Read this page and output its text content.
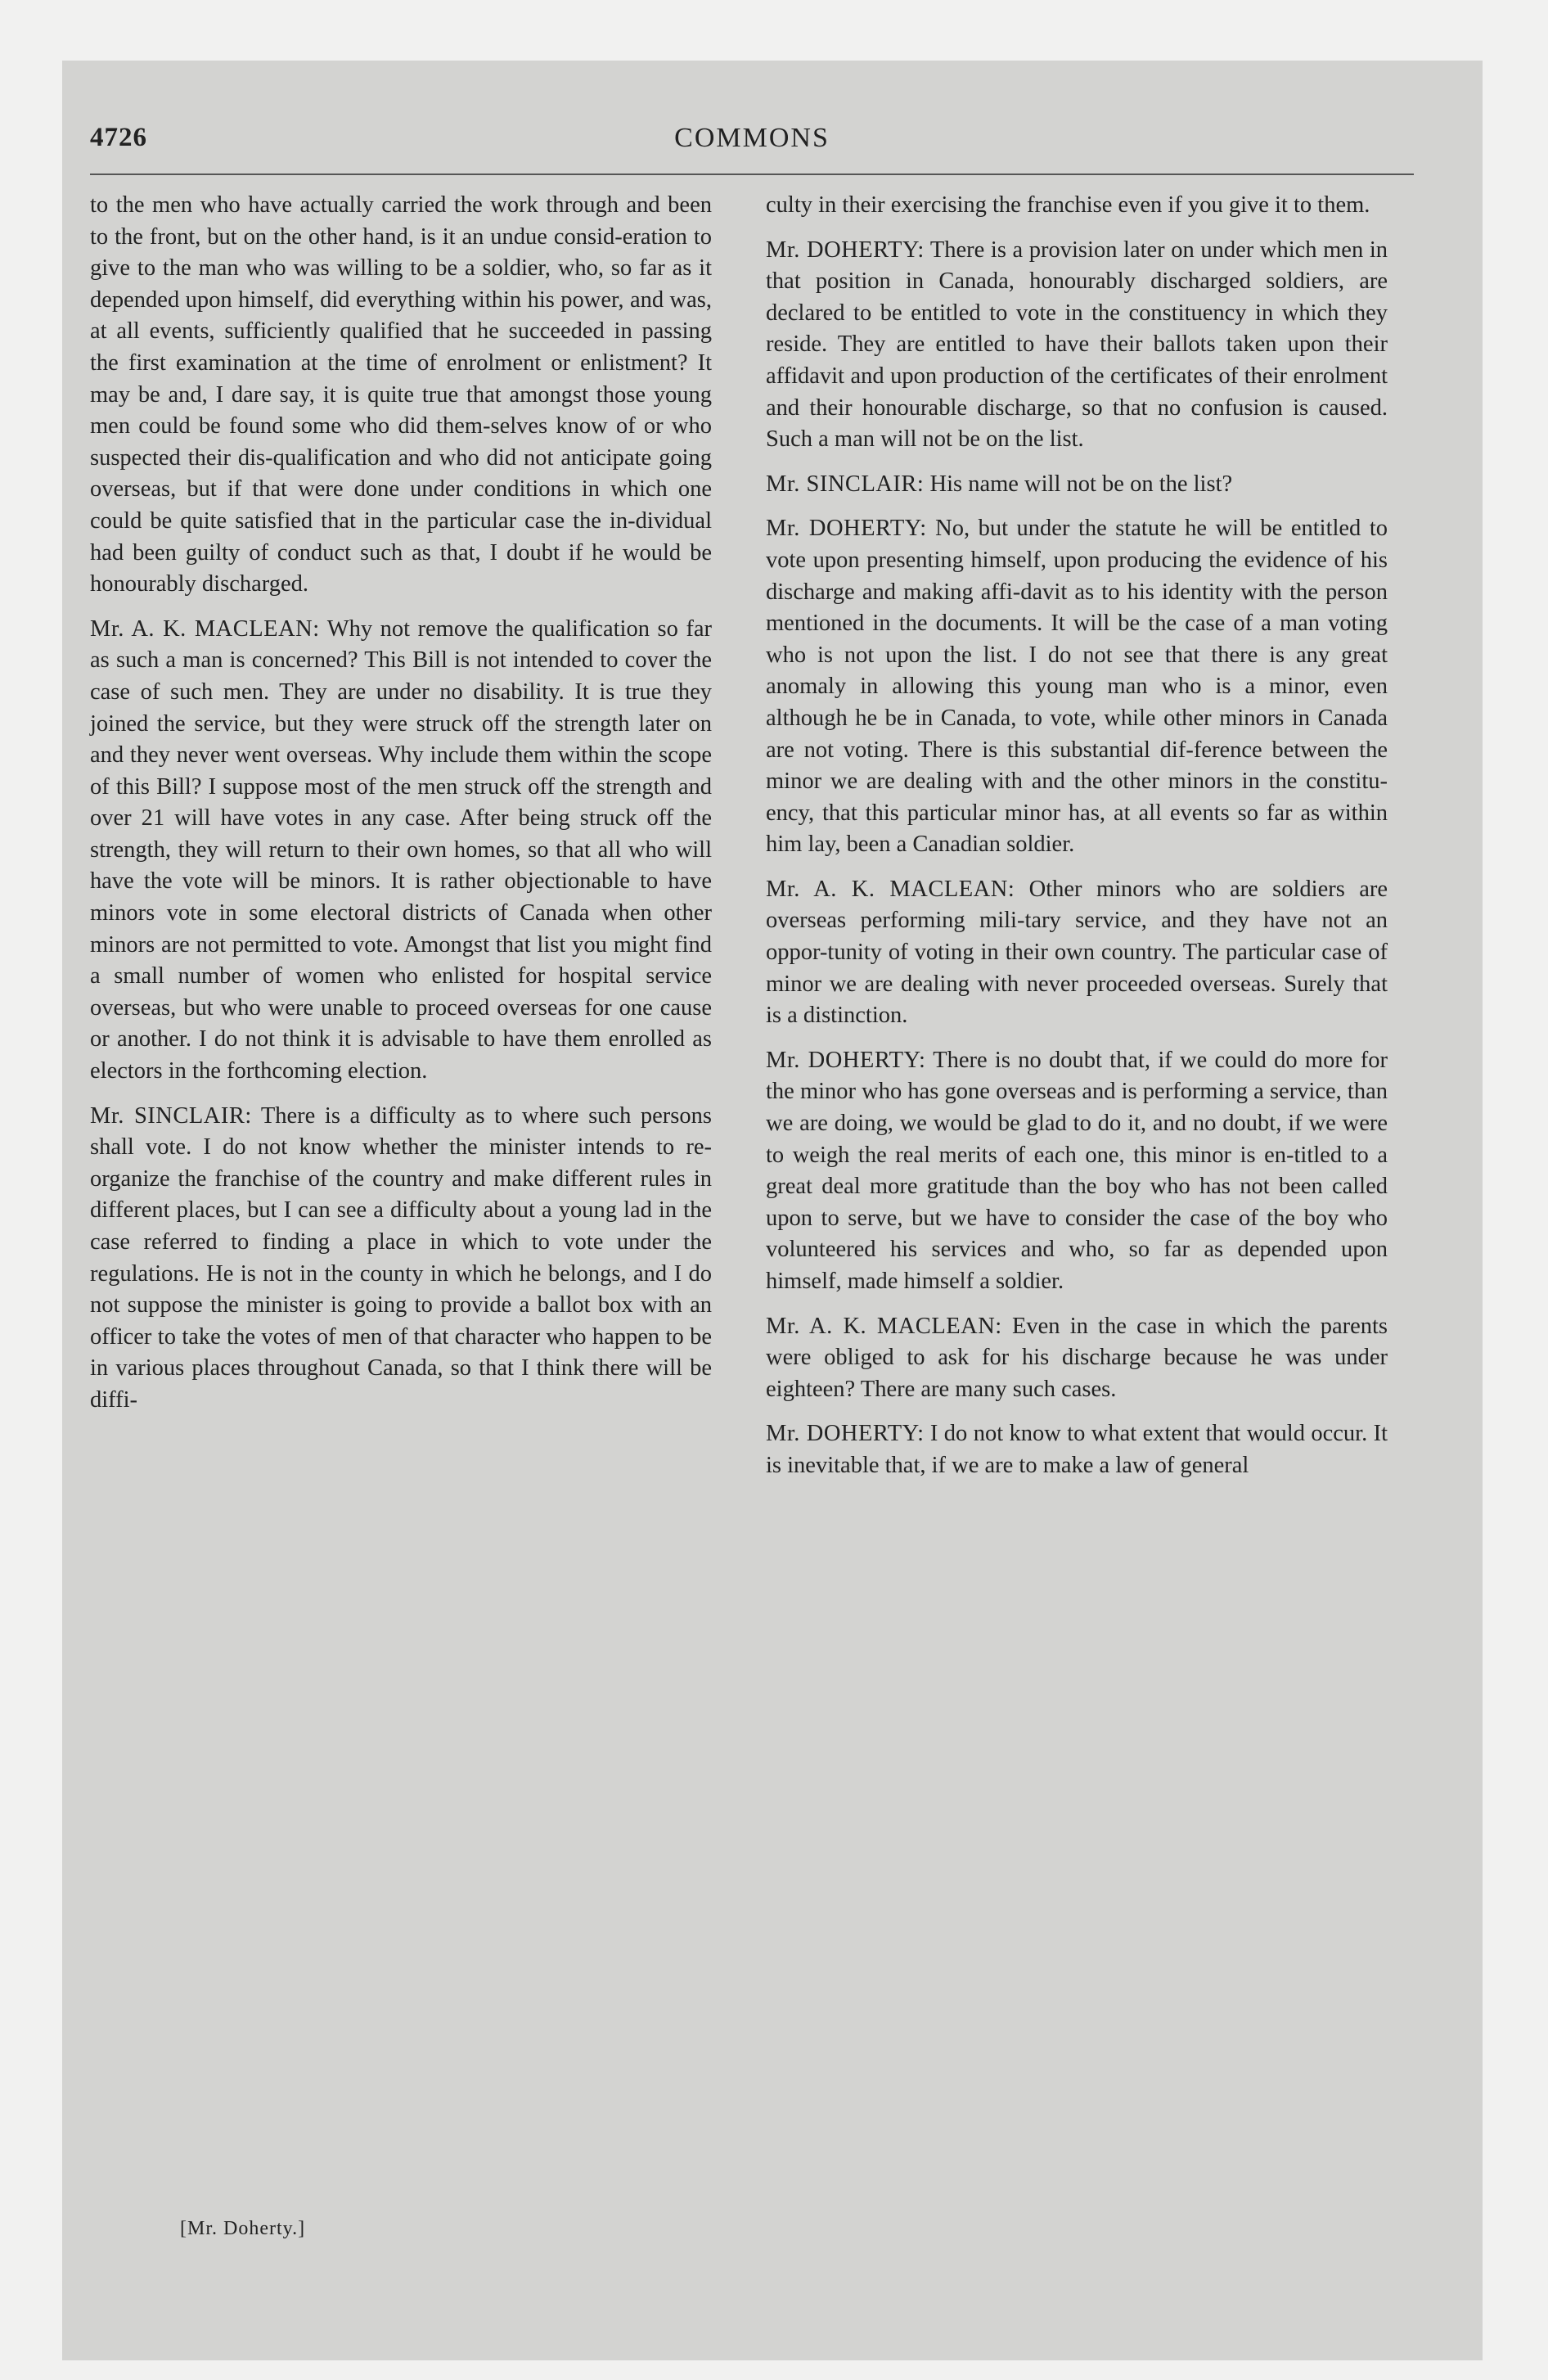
4726	COMMONS

to the men who have actually carried the work through and been to the front, but on the other hand, is it an undue consid-eration to give to the man who was willing to be a soldier, who, so far as it depended upon himself, did everything within his power, and was, at all events, sufficiently qualified that he succeeded in passing the first examination at the time of enrolment or enlistment? It may be and, I dare say, it is quite true that amongst those young men could be found some who did them-selves know of or who suspected their dis-qualification and who did not anticipate going overseas, but if that were done under conditions in which one could be quite satisfied that in the particular case the in-dividual had been guilty of conduct such as that, I doubt if he would be honourably discharged.

Mr. A. K. MACLEAN: Why not remove the qualification so far as such a man is concerned? This Bill is not intended to cover the case of such men. They are under no disability. It is true they joined the service, but they were struck off the strength later on and they never went overseas. Why include them within the scope of this Bill? I suppose most of the men struck off the strength and over 21 will have votes in any case. After being struck off the strength, they will return to their own homes, so that all who will have the vote will be minors. It is rather objectionable to have minors vote in some electoral districts of Canada when other minors are not permitted to vote. Amongst that list you might find a small number of women who enlisted for hospital service overseas, but who were unable to proceed overseas for one cause or another. I do not think it is advisable to have them enrolled as electors in the forthcoming election.

Mr. SINCLAIR: There is a difficulty as to where such persons shall vote. I do not know whether the minister intends to re-organize the franchise of the country and make different rules in different places, but I can see a difficulty about a young lad in the case referred to finding a place in which to vote under the regulations. He is not in the county in which he belongs, and I do not suppose the minister is going to provide a ballot box with an officer to take the votes of men of that character who happen to be in various places throughout Canada, so that I think there will be diffi-

culty in their exercising the franchise even if you give it to them.

Mr. DOHERTY: There is a provision later on under which men in that position in Canada, honourably discharged soldiers, are declared to be entitled to vote in the constituency in which they reside. They are entitled to have their ballots taken upon their affidavit and upon production of the certificates of their enrolment and their honourable discharge, so that no confusion is caused. Such a man will not be on the list.

Mr. SINCLAIR: His name will not be on the list?

Mr. DOHERTY: No, but under the statute he will be entitled to vote upon presenting himself, upon producing the evidence of his discharge and making affi-davit as to his identity with the person mentioned in the documents. It will be the case of a man voting who is not upon the list. I do not see that there is any great anomaly in allowing this young man who is a minor, even although he be in Canada, to vote, while other minors in Canada are not voting. There is this substantial dif-ference between the minor we are dealing with and the other minors in the constitu-ency, that this particular minor has, at all events so far as within him lay, been a Canadian soldier.

Mr. A. K. MACLEAN: Other minors who are soldiers are overseas performing mili-tary service, and they have not an oppor-tunity of voting in their own country. The particular case of minor we are dealing with never proceeded overseas. Surely that is a distinction.

Mr. DOHERTY: There is no doubt that, if we could do more for the minor who has gone overseas and is performing a service, than we are doing, we would be glad to do it, and no doubt, if we were to weigh the real merits of each one, this minor is en-titled to a great deal more gratitude than the boy who has not been called upon to serve, but we have to consider the case of the boy who volunteered his services and who, so far as depended upon himself, made himself a soldier.

Mr. A. K. MACLEAN: Even in the case in which the parents were obliged to ask for his discharge because he was under eighteen? There are many such cases.

Mr. DOHERTY: I do not know to what extent that would occur. It is inevitable that, if we are to make a law of general

[Mr. Doherty.]
